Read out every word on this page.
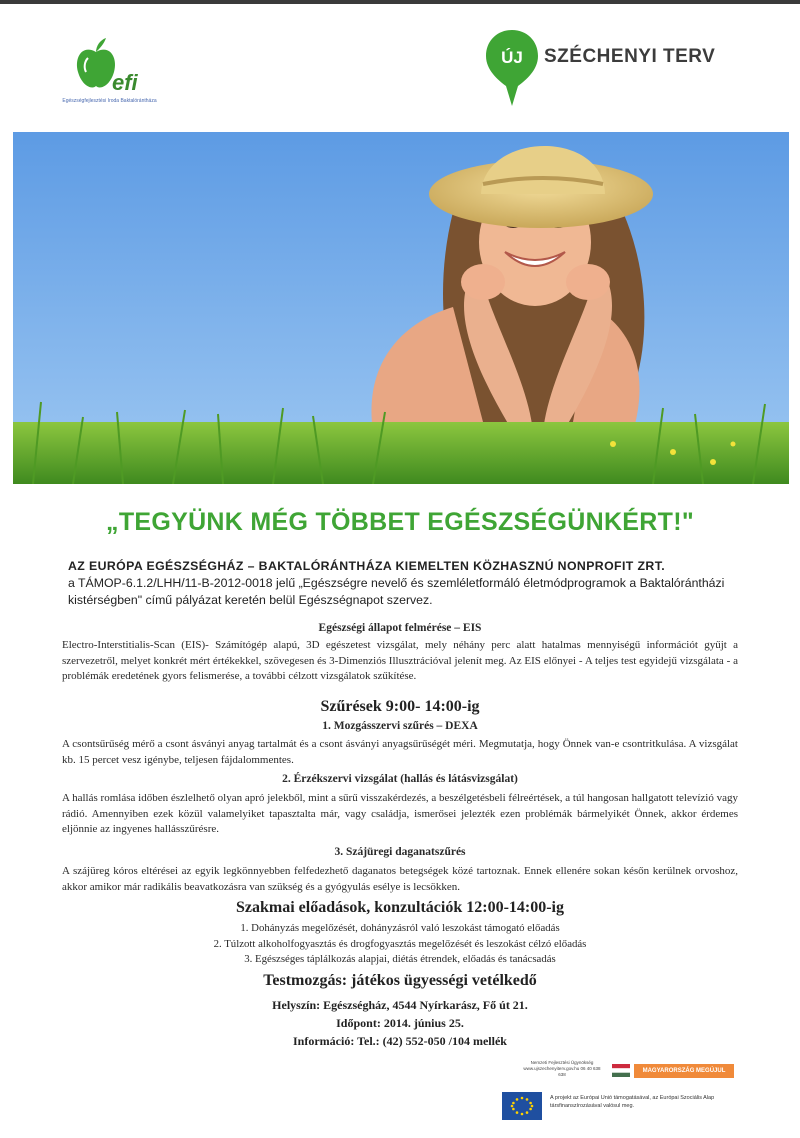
efi
Egészségfejlesztési Iroda Baktalórántháza
ÚJ SZÉCHENYI TERV
„TEGYÜNK MÉG TÖBBET EGÉSZSÉGÜNKÉRT!"
AZ EURÓPA EGÉSZSÉGHÁZ – BAKTALÓRÁNTHÁZA KIEMELTEN KÖZHASZNÚ NONPROFIT ZRT.
a TÁMOP-6.1.2/LHH/11-B-2012-0018 jelű „Egészségre nevelő és szemléletformáló életmódprogramok a Baktalórántházi kistérségben" című pályázat keretén belül Egészségnapot szervez.
Egészségi állapot felmérése – EIS
Electro-Interstitialis-Scan (EIS)- Számítógép alapú, 3D egészetest vizsgálat, mely néhány perc alatt hatalmas mennyiségű információt gyűjt a szervezetről, melyet konkrét mért értékekkel, szövegesen és 3-Dimenziós Illusztrációval jelenít meg. Az EIS előnyei - A teljes test egyidejű vizsgálata - a problémák eredetének gyors felismerése, a további célzott vizsgálatok szűkítése.
Szűrések 9:00- 14:00-ig
1. Mozgásszervi szűrés – DEXA
A csontsűrűség mérő a csont ásványi anyag tartalmát és a csont ásványi anyagsűrűségét méri. Megmutatja, hogy Önnek van-e csontritkulása. A vizsgálat kb. 15 percet vesz igénybe, teljesen fájdalommentes.
2. Érzékszervi vizsgálat (hallás és látásvizsgálat)
A hallás romlása időben észlelhető olyan apró jelekből, mint a sűrű visszakérdezés, a beszélgetésbeli félreértések, a túl hangosan hallgatott televízió vagy rádió. Amennyiben ezek közül valamelyiket tapasztalta már, vagy családja, ismerősei jelezték ezen problémák bármelyikét Önnek, akkor érdemes eljönnie az ingyenes hallásszűrésre.
3. Szájüregi daganatszűrés
A szájüreg kóros eltérései az egyik legkönnyebben felfedezhető daganatos betegségek közé tartoznak. Ennek ellenére sokan későn kerülnek orvoshoz, akkor amikor már radikális beavatkozásra van szükség és a gyógyulás esélye is lecsökken.
Szakmai előadások, konzultációk 12:00-14:00-ig
1. Dohányzás megelőzését, dohányzásról való leszokást támogató előadás
2. Túlzott alkoholfogyasztás és drogfogyasztás megelőzését és leszokást célzó előadás
3. Egészséges táplálkozás alapjai, diétás étrendek, előadás és tanácsadás
Testmozgás: játékos ügyességi vetélkedő
Helyszín: Egészségház, 4544 Nyírkarász, Fő út 21.
Időpont: 2014. június 25.
Információ: Tel.: (42) 552-050 /104 mellék
Nemzeti Fejlesztési Ügynökség www.ujszechenyiterv.gov.hu 06 40 638 638
MAGYARORSZÁG MEGÚJUL
A projekt az Európai Unió támogatásával, az Európai Szociális Alap társfinanszírozásával valósul meg.
